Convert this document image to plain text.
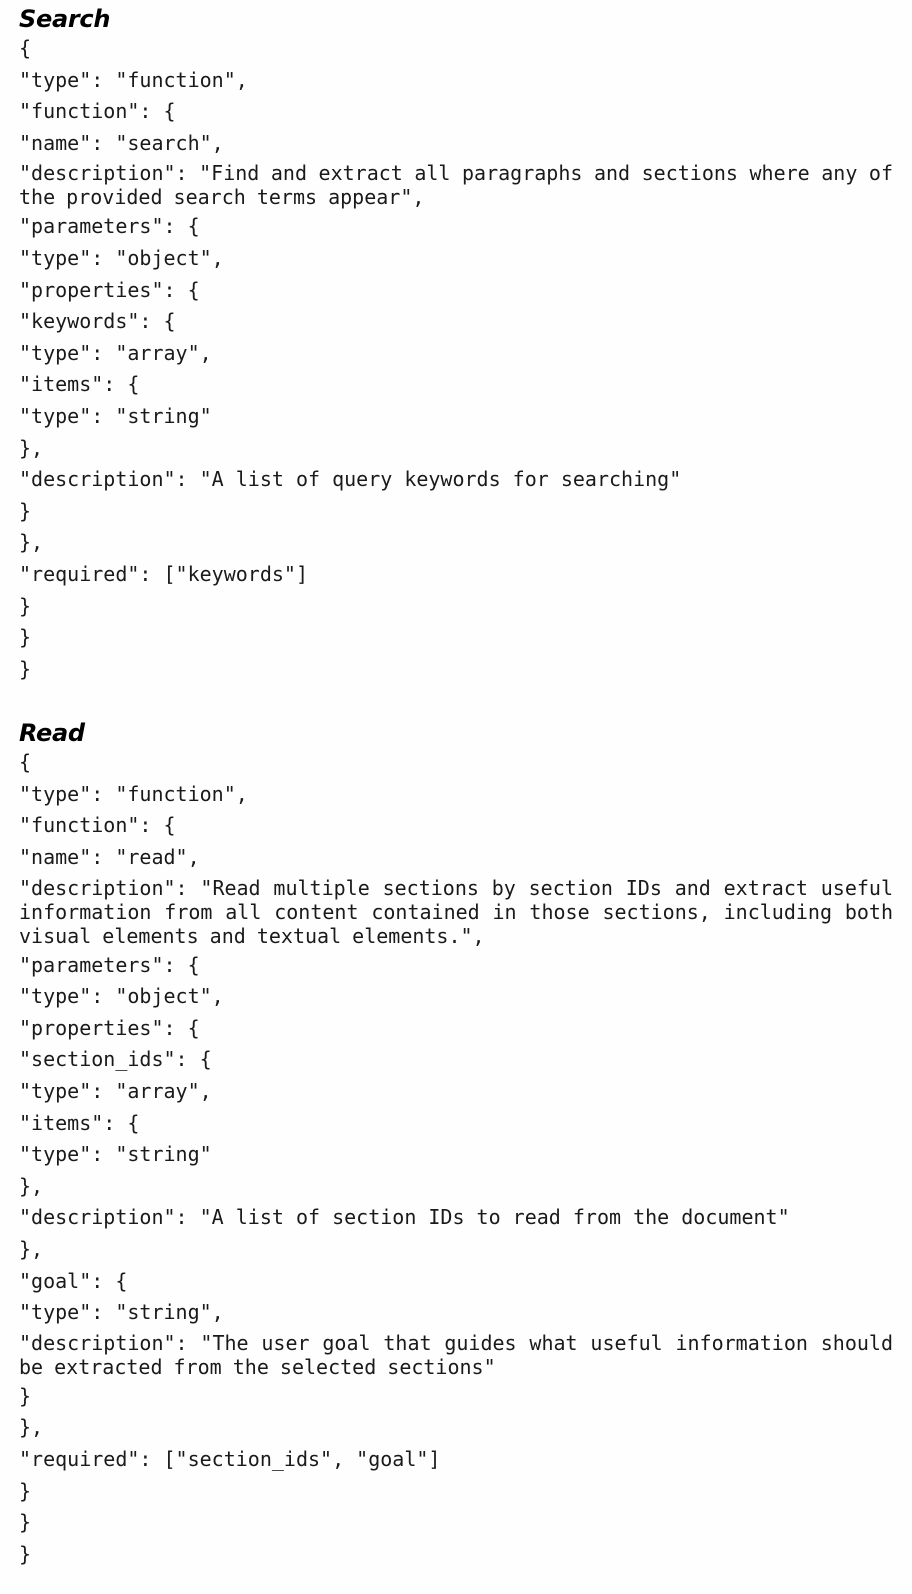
Search
{
"type": "function",
"function": {
"name": "search",
"description": "Find and extract all paragraphs and sections where any of the provided search terms appear",
"parameters": {
"type": "object",
"properties": {
"keywords": {
"type": "array",
"items": {
"type": "string"
},
"description": "A list of query keywords for searching"
}
},
"required": ["keywords"]
}
}
}
Read
{
"type": "function",
"function": {
"name": "read",
"description": "Read multiple sections by section IDs and extract useful information from all content contained in those sections, including both visual elements and textual elements.",
"parameters": {
"type": "object",
"properties": {
"section_ids": {
"type": "array",
"items": {
"type": "string"
},
"description": "A list of section IDs to read from the document"
},
"goal": {
"type": "string",
"description": "The user goal that guides what useful information should be extracted from the selected sections"
}
},
"required": ["section_ids", "goal"]
}
}
}
